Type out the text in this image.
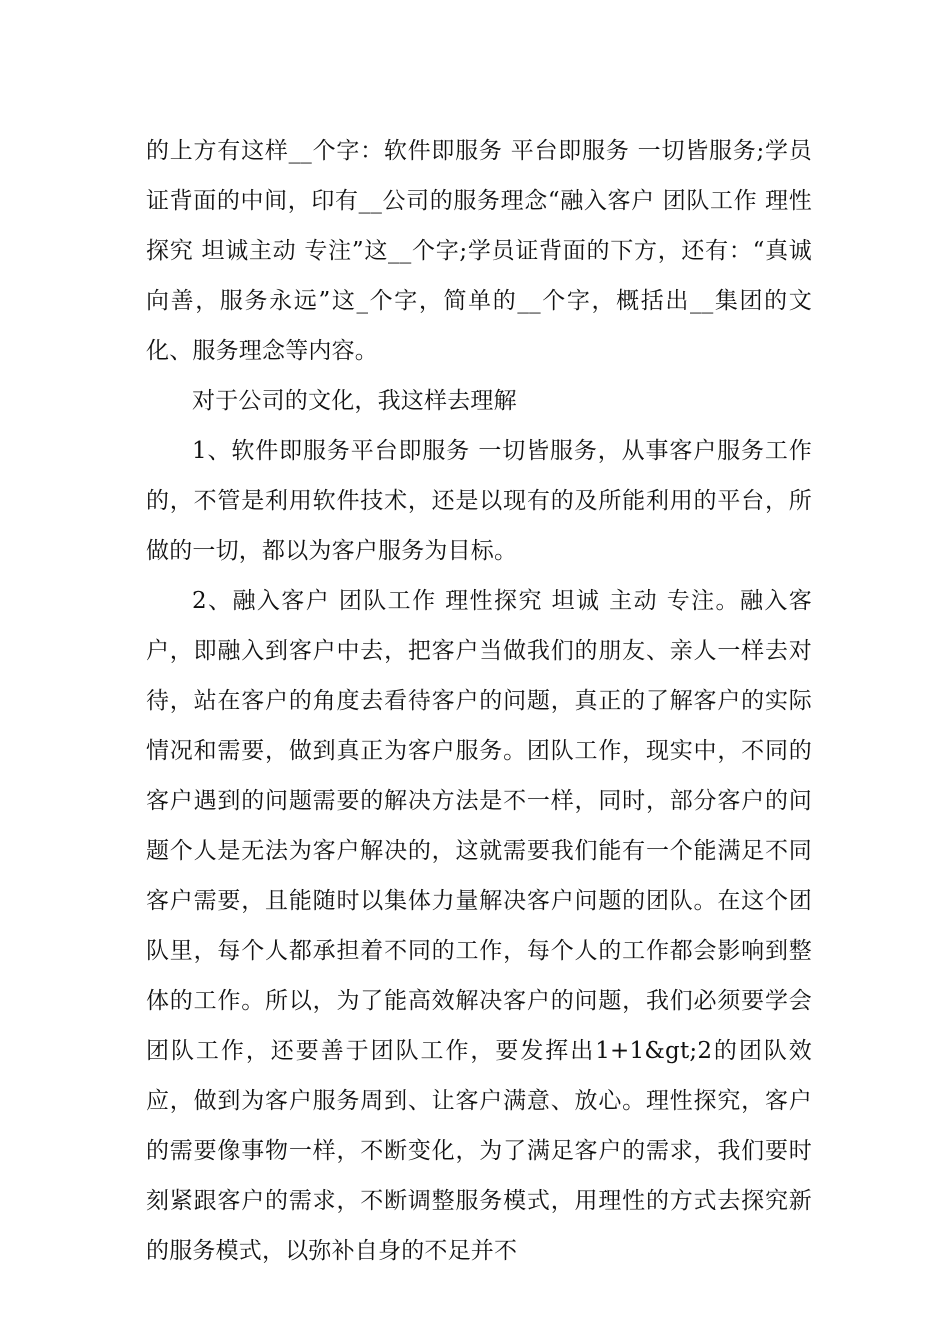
的上方有这样__个字：软件即服务 平台即服务 一切皆服务;学员证背面的中间，印有__公司的服务理念“融入客户 团队工作 理性探究 坦诚主动 专注”这__个字;学员证背面的下方，还有：“真诚向善，服务永远”这_个字，简单的__个字，概括出__集团的文化、服务理念等内容。

对于公司的文化，我这样去理解

1、软件即服务平台即服务 一切皆服务，从事客户服务工作的，不管是利用软件技术，还是以现有的及所能利用的平台，所做的一切，都以为客户服务为目标。

2、融入客户 团队工作 理性探究 坦诚 主动 专注。融入客户，即融入到客户中去，把客户当做我们的朋友、亲人一样去对待，站在客户的角度去看待客户的问题，真正的了解客户的实际情况和需要，做到真正为客户服务。团队工作，现实中，不同的客户遇到的问题需要的解决方法是不一样，同时，部分客户的问题个人是无法为客户解决的，这就需要我们能有一个能满足不同客户需要，且能随时以集体力量解决客户问题的团队。在这个团队里，每个人都承担着不同的工作，每个人的工作都会影响到整体的工作。所以，为了能高效解决客户的问题，我们必须要学会团队工作，还要善于团队工作，要发挥出1+1&gt;2的团队效应，做到为客户服务周到、让客户满意、放心。理性探究，客户的需要像事物一样，不断变化，为了满足客户的需求，我们要时刻紧跟客户的需求，不断调整服务模式，用理性的方式去探究新的服务模式，以弥补自身的不足并不
